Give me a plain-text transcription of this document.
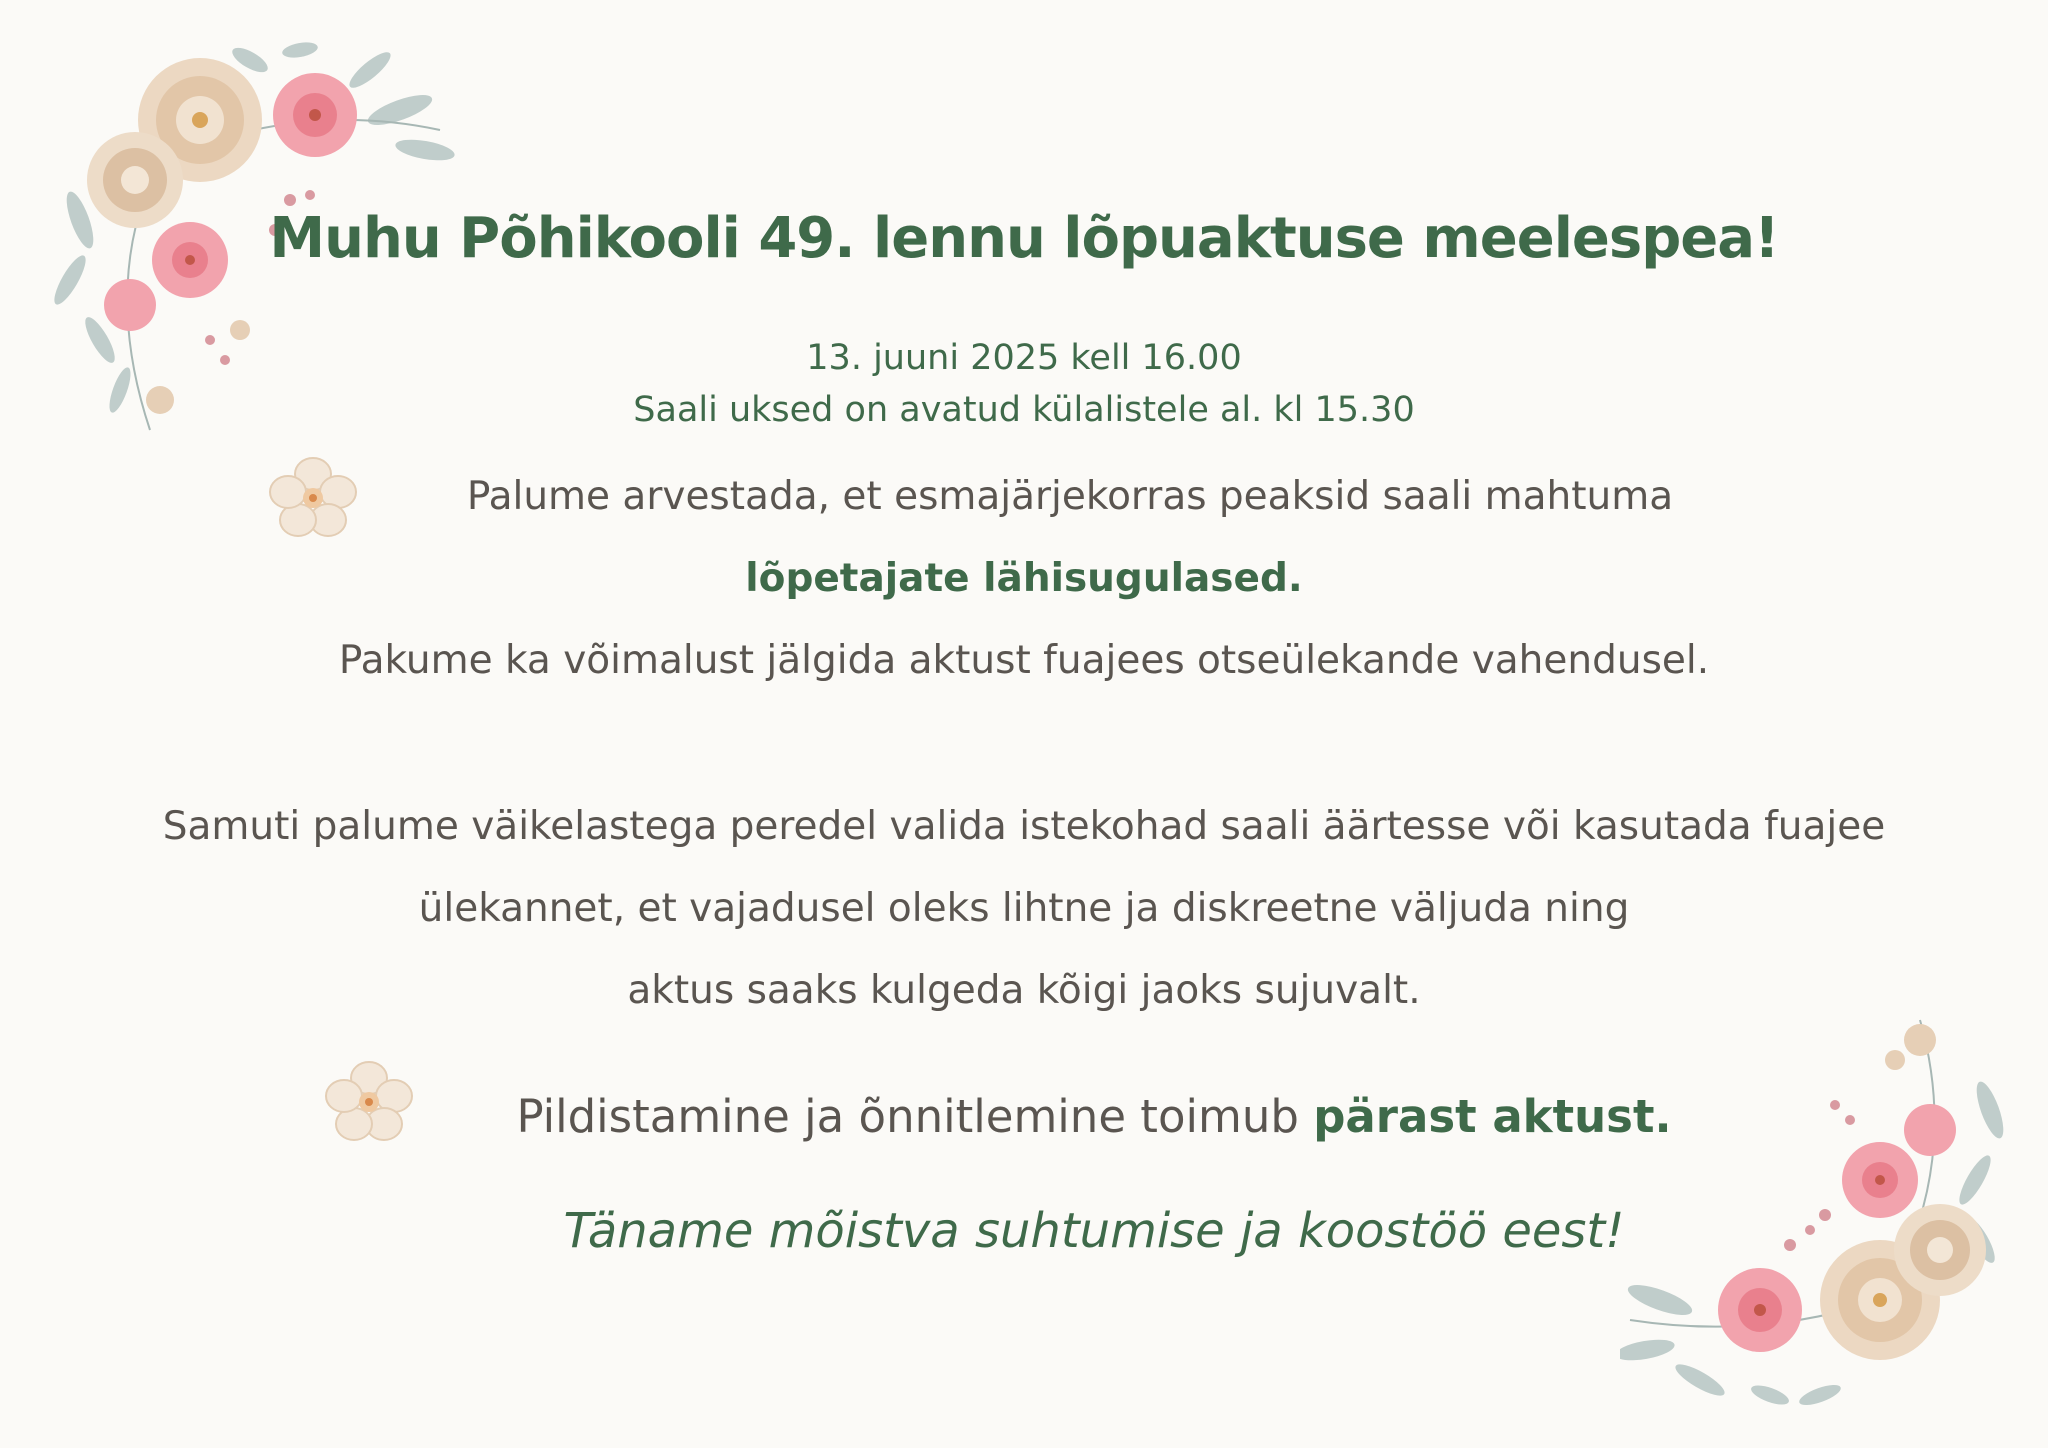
Muhu Põhikooli 49. lennu lõpuaktuse meelespea!
13. juuni 2025 kell 16.00
Saali uksed on avatud külalistele al. kl 15.30
Palume arvestada, et esmajärjekorras peaksid saali mahtuma
lõpetajate lähisugulased.
Pakume ka võimalust jälgida aktust fuajees otseülekande vahendusel.
Samuti palume väikelastega peredel valida istekohad saali äärtesse või kasutada fuajee
ülekannet, et vajadusel oleks lihtne ja diskreetne väljuda ning
aktus saaks kulgeda kõigi jaoks sujuvalt.
Pildistamine ja õnnitlemine toimub pärast aktust.
Täname mõistva suhtumise ja koostöö eest!
